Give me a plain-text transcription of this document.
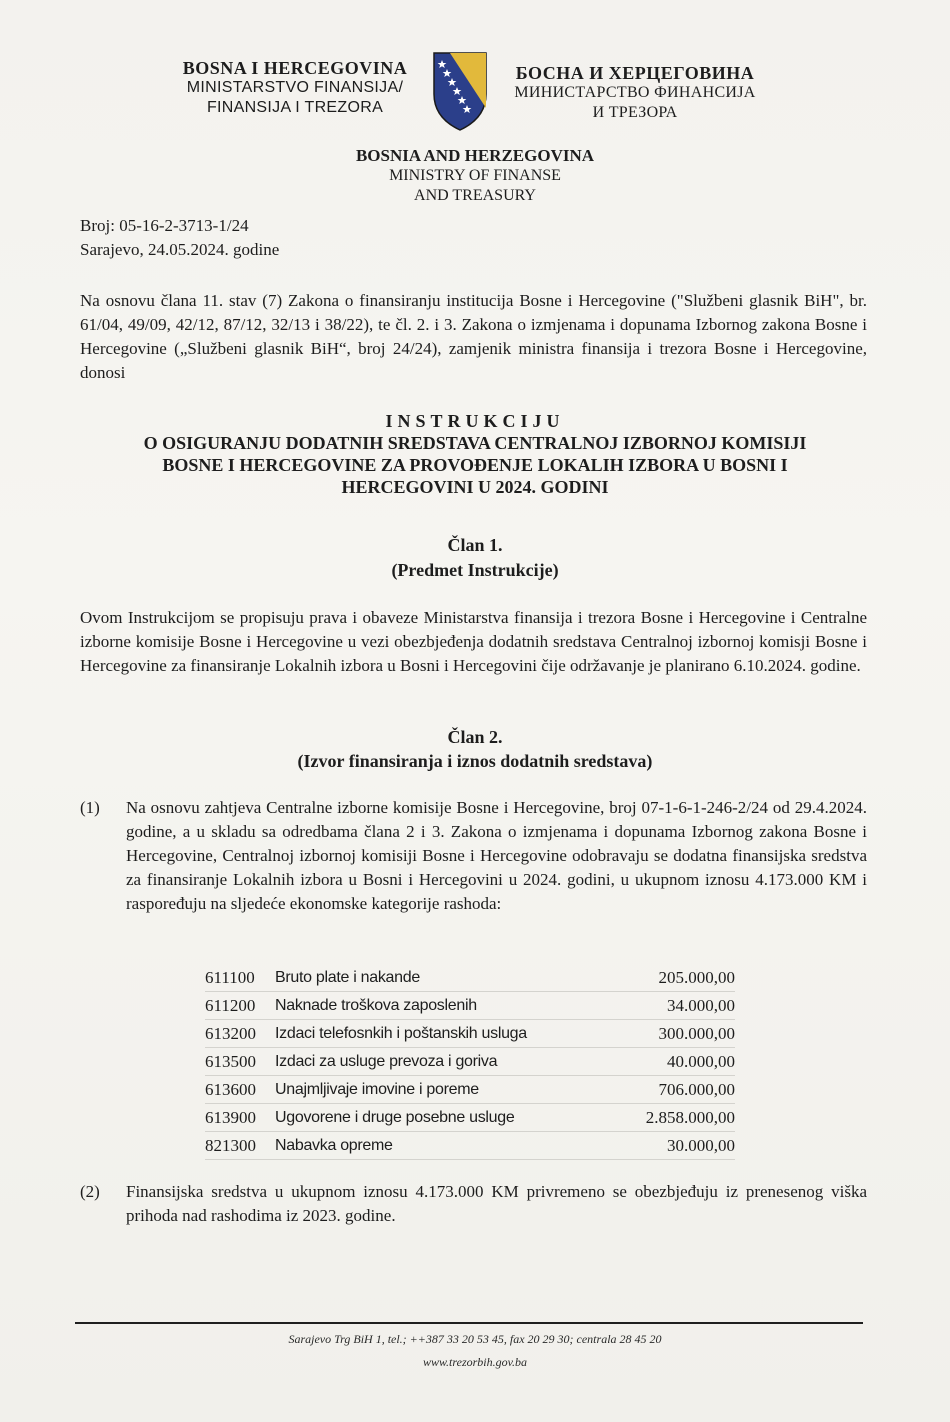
BOSNA I HERCEGOVINA
MINISTARSTVO FINANSIJA/
FINANSIJA I TREZORA
БОСНА И ХЕРЦЕГОВИНА
МИНИСТАРСТВО ФИНАНСИЈА
И ТРЕЗОРА
BOSNIA AND HERZEGOVINA
MINISTRY OF FINANSE
AND TREASURY
Broj: 05-16-2-3713-1/24
Sarajevo, 24.05.2024. godine
Na osnovu člana 11. stav (7) Zakona o finansiranju institucija Bosne i Hercegovine ("Službeni glasnik BiH", br. 61/04, 49/09, 42/12, 87/12, 32/13 i 38/22), te čl. 2. i 3. Zakona o izmjenama i dopunama Izbornog zakona Bosne i Hercegovine („Službeni glasnik BiH“, broj 24/24), zamjenik ministra finansija i trezora Bosne i Hercegovine, donosi
INSTRUKCIJU
O OSIGURANJU DODATNIH SREDSTAVA CENTRALNOJ IZBORNOJ KOMISIJI
BOSNE I HERCEGOVINE ZA PROVOĐENJE LOKALIH IZBORA U BOSNI I
HERCEGOVINI U 2024. GODINI
Član 1.
(Predmet Instrukcije)
Ovom Instrukcijom se propisuju prava i obaveze Ministarstva finansija i trezora Bosne i Hercegovine i Centralne izborne komisije Bosne i Hercegovine u vezi obezbjeđenja dodatnih sredstava Centralnoj izbornoj komisji Bosne i Hercegovine za finansiranje Lokalnih izbora u Bosni i Hercegovini čije održavanje je planirano 6.10.2024. godine.
Član 2.
(Izvor finansiranja i iznos dodatnih sredstava)
(1) Na osnovu zahtjeva Centralne izborne komisije Bosne i Hercegovine, broj 07-1-6-1-246-2/24 od 29.4.2024. godine, a u skladu sa odredbama člana 2 i 3. Zakona o izmjenama i dopunama Izbornog zakona Bosne i Hercegovine, Centralnoj izbornoj komisiji Bosne i Hercegovine odobravaju se dodatna finansijska sredstva za finansiranje Lokalnih izbora u Bosni i Hercegovini u 2024. godini, u ukupnom iznosu 4.173.000 KM i raspoređuju na sljedeće ekonomske kategorije rashoda:
611100	Bruto plate i nakande	205.000,00
611200	Naknade troškova zaposlenih	34.000,00
613200	Izdaci telefosnkih i poštanskih usluga	300.000,00
613500	Izdaci za usluge prevoza i goriva	40.000,00
613600	Unajmljivaje imovine i poreme	706.000,00
613900	Ugovorene i druge posebne usluge	2.858.000,00
821300	Nabavka opreme	30.000,00
(2) Finansijska sredstva u ukupnom iznosu 4.173.000 KM privremeno se obezbjeđuju iz prenesenog viška prihoda nad rashodima iz 2023. godine.
Sarajevo Trg BiH 1, tel.; ++387 33 20 53 45, fax 20 29 30; centrala 28 45 20
www.trezorbih.gov.ba
